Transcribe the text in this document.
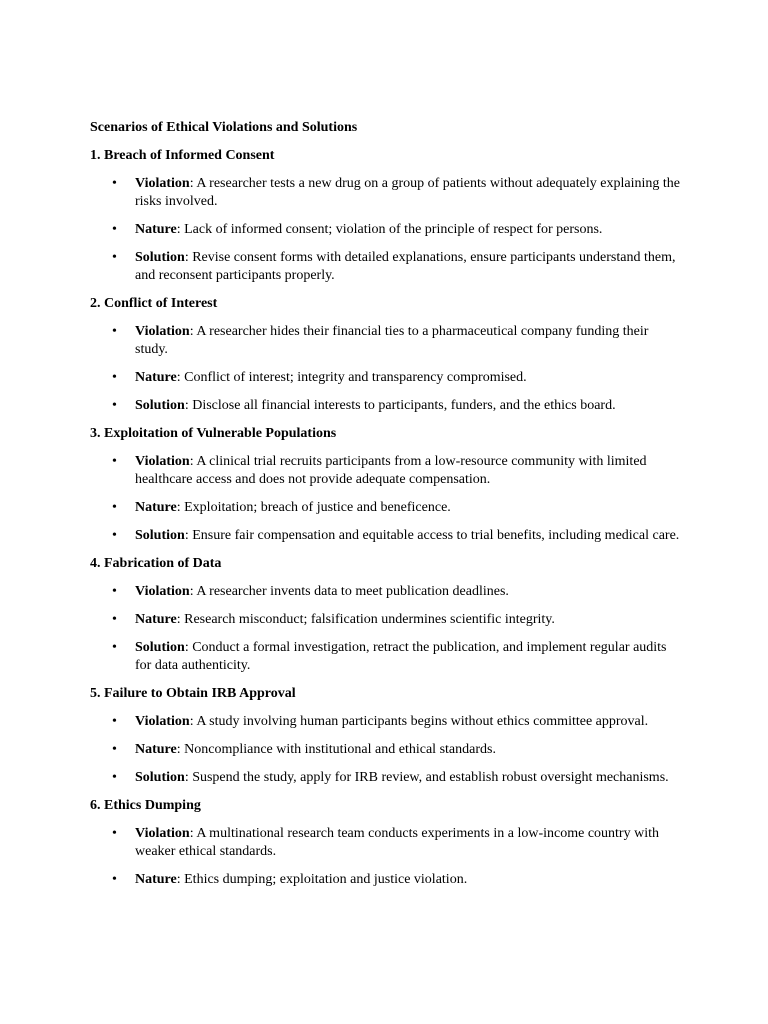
Scenarios of Ethical Violations and Solutions
1. Breach of Informed Consent
• Violation: A researcher tests a new drug on a group of patients without adequately explaining the risks involved.
• Nature: Lack of informed consent; violation of the principle of respect for persons.
• Solution: Revise consent forms with detailed explanations, ensure participants understand them, and reconsent participants properly.
2. Conflict of Interest
• Violation: A researcher hides their financial ties to a pharmaceutical company funding their study.
• Nature: Conflict of interest; integrity and transparency compromised.
• Solution: Disclose all financial interests to participants, funders, and the ethics board.
3. Exploitation of Vulnerable Populations
• Violation: A clinical trial recruits participants from a low-resource community with limited healthcare access and does not provide adequate compensation.
• Nature: Exploitation; breach of justice and beneficence.
• Solution: Ensure fair compensation and equitable access to trial benefits, including medical care.
4. Fabrication of Data
• Violation: A researcher invents data to meet publication deadlines.
• Nature: Research misconduct; falsification undermines scientific integrity.
• Solution: Conduct a formal investigation, retract the publication, and implement regular audits for data authenticity.
5. Failure to Obtain IRB Approval
• Violation: A study involving human participants begins without ethics committee approval.
• Nature: Noncompliance with institutional and ethical standards.
• Solution: Suspend the study, apply for IRB review, and establish robust oversight mechanisms.
6. Ethics Dumping
• Violation: A multinational research team conducts experiments in a low-income country with weaker ethical standards.
• Nature: Ethics dumping; exploitation and justice violation.
